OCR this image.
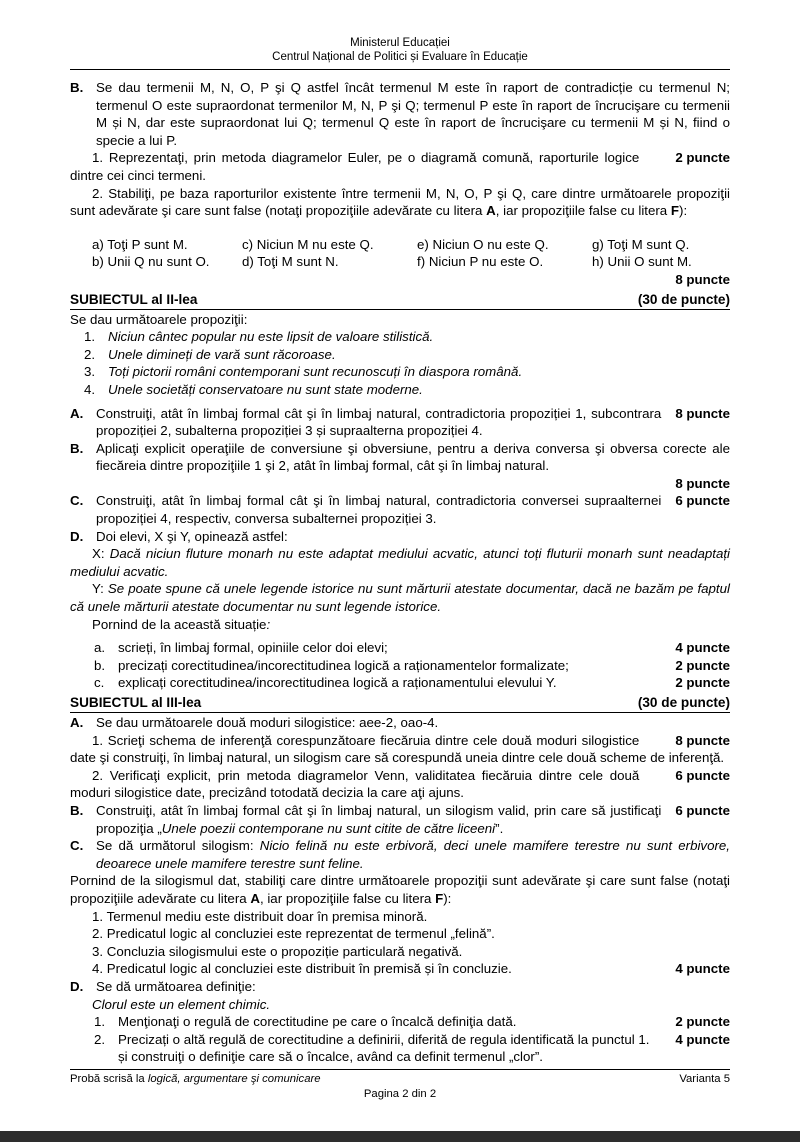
Ministerul Educației
Centrul Național de Politici și Evaluare în Educație
B. Se dau termenii M, N, O, P şi Q astfel încât termenul M este în raport de contradicție cu termenul N; termenul O este supraordonat termenilor M, N, P şi Q; termenul P este în raport de încrucişare cu termenii M și N, dar este supraordonat lui Q; termenul Q este în raport de încrucişare cu termenii M și N, fiind o specie a lui P.
2 puncte
1. Reprezentaţi, prin metoda diagramelor Euler, pe o diagramă comună, raporturile logice dintre cei cinci termeni.
2. Stabiliţi, pe baza raporturilor existente între termenii M, N, O, P şi Q, care dintre următoarele propoziţii sunt adevărate şi care sunt false (notaţi propoziţiile adevărate cu litera A, iar propoziţiile false cu litera F):
a) Toţi P sunt M.	c) Niciun M nu este Q.	e) Niciun O nu este Q.	g) Toţi M sunt Q.
b) Unii Q nu sunt O.	d) Toţi M sunt N.	f) Niciun P nu este O.	h) Unii O sunt M.
8 puncte
SUBIECTUL al II-lea	(30 de puncte)
Se dau următoarele propoziţii:
1. Niciun cântec popular nu este lipsit de valoare stilistică.
2. Unele dimineți de vară sunt răcoroase.
3. Toți pictorii români contemporani sunt recunoscuți în diaspora română.
4. Unele societăți conservatoare nu sunt state moderne.
A.	8 puncte
Construiţi, atât în limbaj formal cât şi în limbaj natural, contradictoria propoziției 1, subcontrara propoziției 2, subalterna propoziției 3 și supraalterna propoziției 4.
B. Aplicaţi explicit operaţiile de conversiune şi obversiune, pentru a deriva conversa şi obversa corecte ale fiecăreia dintre propoziţiile 1 şi 2, atât în limbaj formal, cât şi în limbaj natural.
8 puncte
C.	6 puncte
Construiţi, atât în limbaj formal cât şi în limbaj natural, contradictoria conversei supraalternei propoziției 4, respectiv, conversa subalternei propoziției 3.
D. Doi elevi, X şi Y, opinează astfel:
X: Dacă niciun fluture monarh nu este adaptat mediului acvatic, atunci toți fluturii monarh sunt neadaptați mediului acvatic.
Y: Se poate spune că unele legende istorice nu sunt mărturii atestate documentar, dacă ne bazăm pe faptul că unele mărturii atestate documentar nu sunt legende istorice.
Pornind de la această situație:
a.	4 puncte
scrieți, în limbaj formal, opiniile celor doi elevi;
b.	2 puncte
precizați corectitudinea/incorectitudinea logică a raționamentelor formalizate;
c.	2 puncte
explicați corectitudinea/incorectitudinea logică a raționamentului elevului Y.
SUBIECTUL al III-lea	(30 de puncte)
A. Se dau următoarele două moduri silogistice: aee-2, oao-4.
8 puncte
1. Scrieţi schema de inferenţă corespunzătoare fiecăruia dintre cele două moduri silogistice date şi construiţi, în limbaj natural, un silogism care să corespundă uneia dintre cele două scheme de inferenţă.
6 puncte
2. Verificaţi explicit, prin metoda diagramelor Venn, validitatea fiecăruia dintre cele două moduri silogistice date, precizând totodată decizia la care aţi ajuns.
B.	6 puncte
Construiţi, atât în limbaj formal cât şi în limbaj natural, un silogism valid, prin care să justificaţi propoziţia „Unele poezii contemporane nu sunt citite de către liceeni”.
C. Se dă următorul silogism: Nicio felină nu este erbivoră, deci unele mamifere terestre nu sunt erbivore, deoarece unele mamifere terestre sunt feline.
Pornind de la silogismul dat, stabiliţi care dintre următoarele propoziţii sunt adevărate şi care sunt false (notaţi propoziţiile adevărate cu litera A, iar propoziţiile false cu litera F):
1. Termenul mediu este distribuit doar în premisa minoră.
2. Predicatul logic al concluziei este reprezentat de termenul „felină”.
3. Concluzia silogismului este o propoziție particulară negativă.
4 puncte
4. Predicatul logic al concluziei este distribuit în premisă și în concluzie.
D. Se dă următoarea definiţie:
Clorul este un element chimic.
1.	2 puncte
Menţionaţi o regulă de corectitudine pe care o încalcă definiţia dată.
2.	4 puncte
Precizați o altă regulă de corectitudine a definirii, diferită de regula identificată la punctul 1. și construiţi o definiţie care să o încalce, având ca definit termenul „clor”.
Probă scrisă la logică, argumentare şi comunicare	Varianta 5
Pagina 2 din 2
